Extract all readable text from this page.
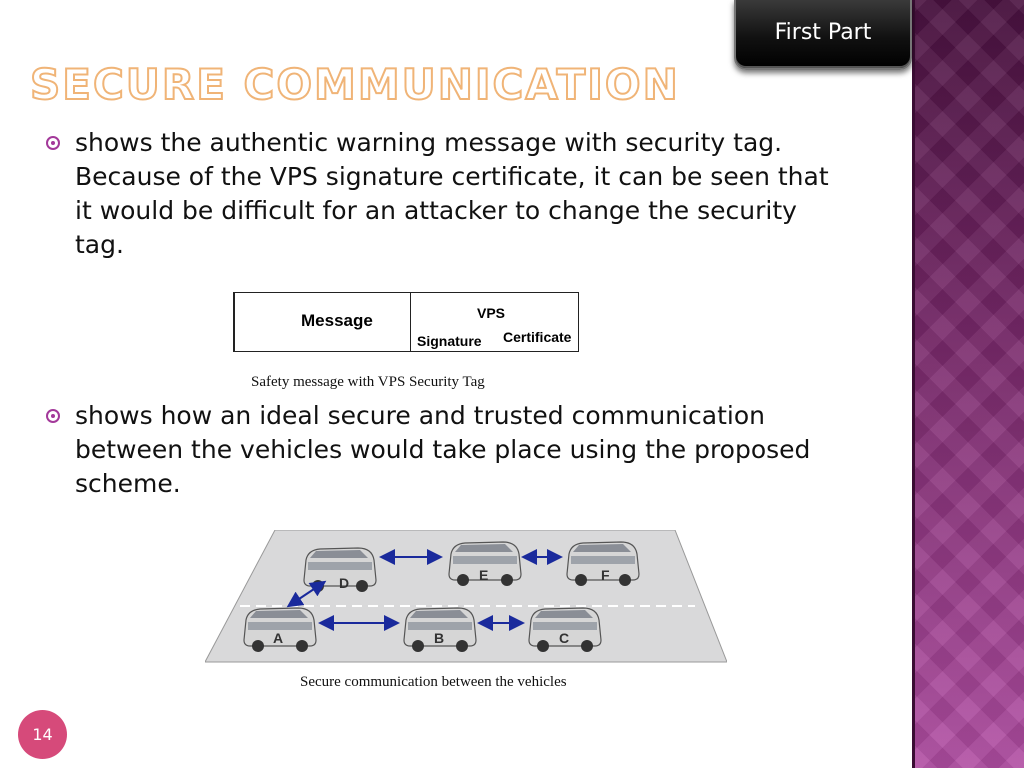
First Part
SECURE COMMUNICATION
shows the authentic warning message with security tag. Because of the VPS signature certificate, it can be seen that it would be difficult for an attacker to change the security tag.
Message	VPS
Signature Certificate
Safety message with VPS Security Tag
shows how an ideal secure and trusted communication between the vehicles would take place using the proposed scheme.
D	E	F
A	B	C
Secure communication between the vehicles
14
